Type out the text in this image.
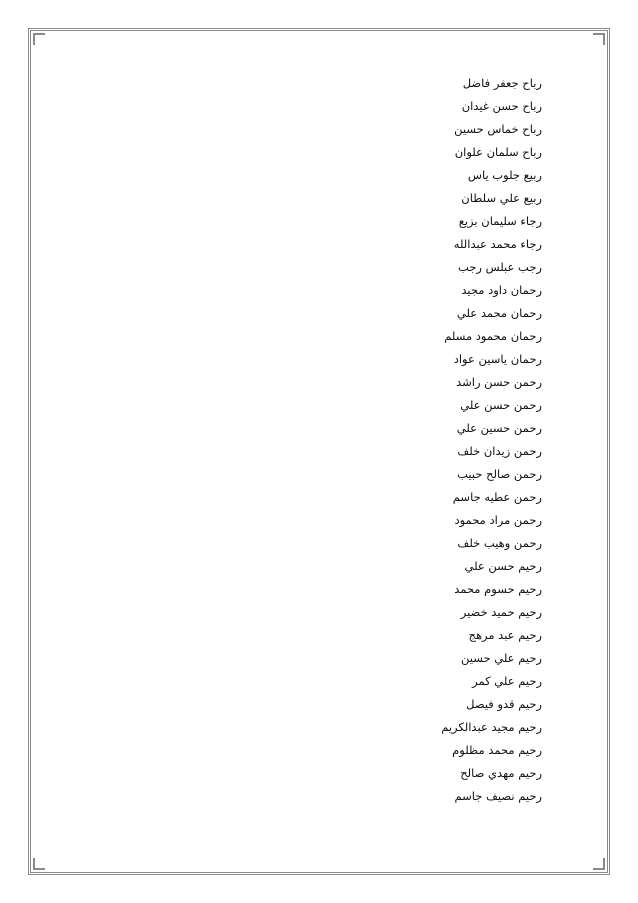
رباح جعفر فاضل
رباح حسن غيدان
رباح خماس حسين
رباح سلمان علوان
ربيع جلوب ياس
ربيع علي سلطان
رجاء سليمان بزيع
رجاء محمد عبدالله
رجب عبلس رجب
رحمان داود مجيد
رحمان محمد علي
رحمان محمود مسلم
رحمان ياسين عواد
رحمن حسن راشد
رحمن حسن علي
رحمن حسين علي
رحمن زيدان خلف
رحمن صالح حبيب
رحمن عطيه جاسم
رحمن مراد محمود
رحمن وهيب خلف
رحيم حسن علي
رحيم حسوم محمد
رحيم حميد خضير
رحيم عبد مرهج
رحيم علي حسين
رحيم علي كمر
رحيم قدو فيصل
رحيم مجيد عبدالكريم
رحيم محمد مظلوم
رحيم مهدي صالح
رحيم نصيف جاسم
